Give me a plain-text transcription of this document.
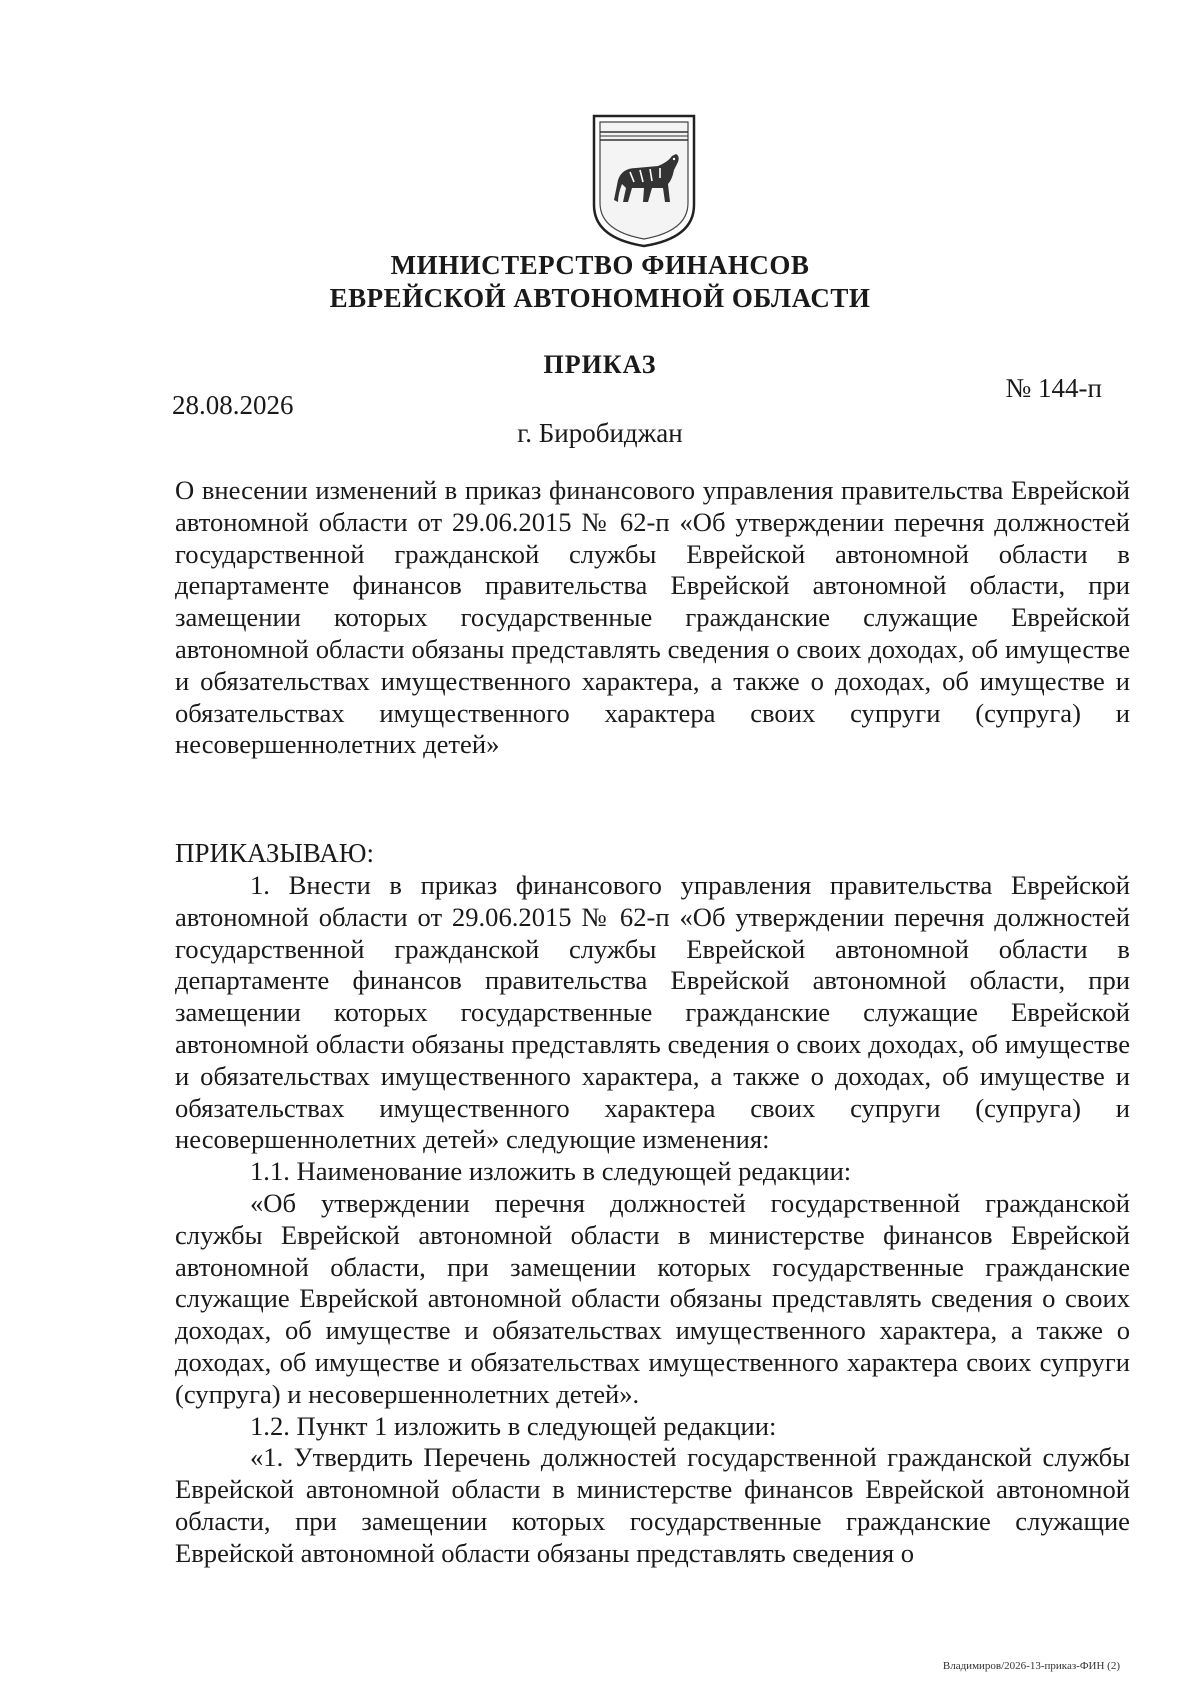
МИНИСТЕРСТВО ФИНАНСОВ
ЕВРЕЙСКОЙ АВТОНОМНОЙ ОБЛАСТИ
ПРИКАЗ
28.08.2026
№ 144-п
г. Биробиджан
О внесении изменений в приказ финансового управления правительства Еврейской автономной области от 29.06.2015 № 62-п «Об утверждении перечня должностей государственной гражданской службы Еврейской автономной области в департаменте финансов правительства Еврейской автономной области, при замещении которых государственные гражданские служащие Еврейской автономной области обязаны представлять сведения о своих доходах, об имуществе и обязательствах имущественного характера, а также о доходах, об имуществе и обязательствах имущественного характера своих супруги (супруга) и несовершеннолетних детей»
ПРИКАЗЫВАЮ:

1. Внести в приказ финансового управления правительства Еврейской автономной области от 29.06.2015 № 62-п «Об утверждении перечня должностей государственной гражданской службы Еврейской автономной области в департаменте финансов правительства Еврейской автономной области, при замещении которых государственные гражданские служащие Еврейской автономной области обязаны представлять сведения о своих доходах, об имуществе и обязательствах имущественного характера, а также о доходах, об имуществе и обязательствах имущественного характера своих супруги (супруга) и несовершеннолетних детей» следующие изменения:

1.1. Наименование изложить в следующей редакции:

«Об утверждении перечня должностей государственной гражданской службы Еврейской автономной области в министерстве финансов Еврейской автономной области, при замещении которых государственные гражданские служащие Еврейской автономной области обязаны представлять сведения о своих доходах, об имуществе и обязательствах имущественного характера, а также о доходах, об имуществе и обязательствах имущественного характера своих супруги (супруга) и несовершеннолетних детей».

1.2. Пункт 1 изложить в следующей редакции:

«1. Утвердить Перечень должностей государственной гражданской службы Еврейской автономной области в министерстве финансов Еврейской автономной области, при замещении которых государственные гражданские служащие Еврейской автономной области обязаны представлять сведения о

Владимиров/2026-13-приказ-ФИН (2)
